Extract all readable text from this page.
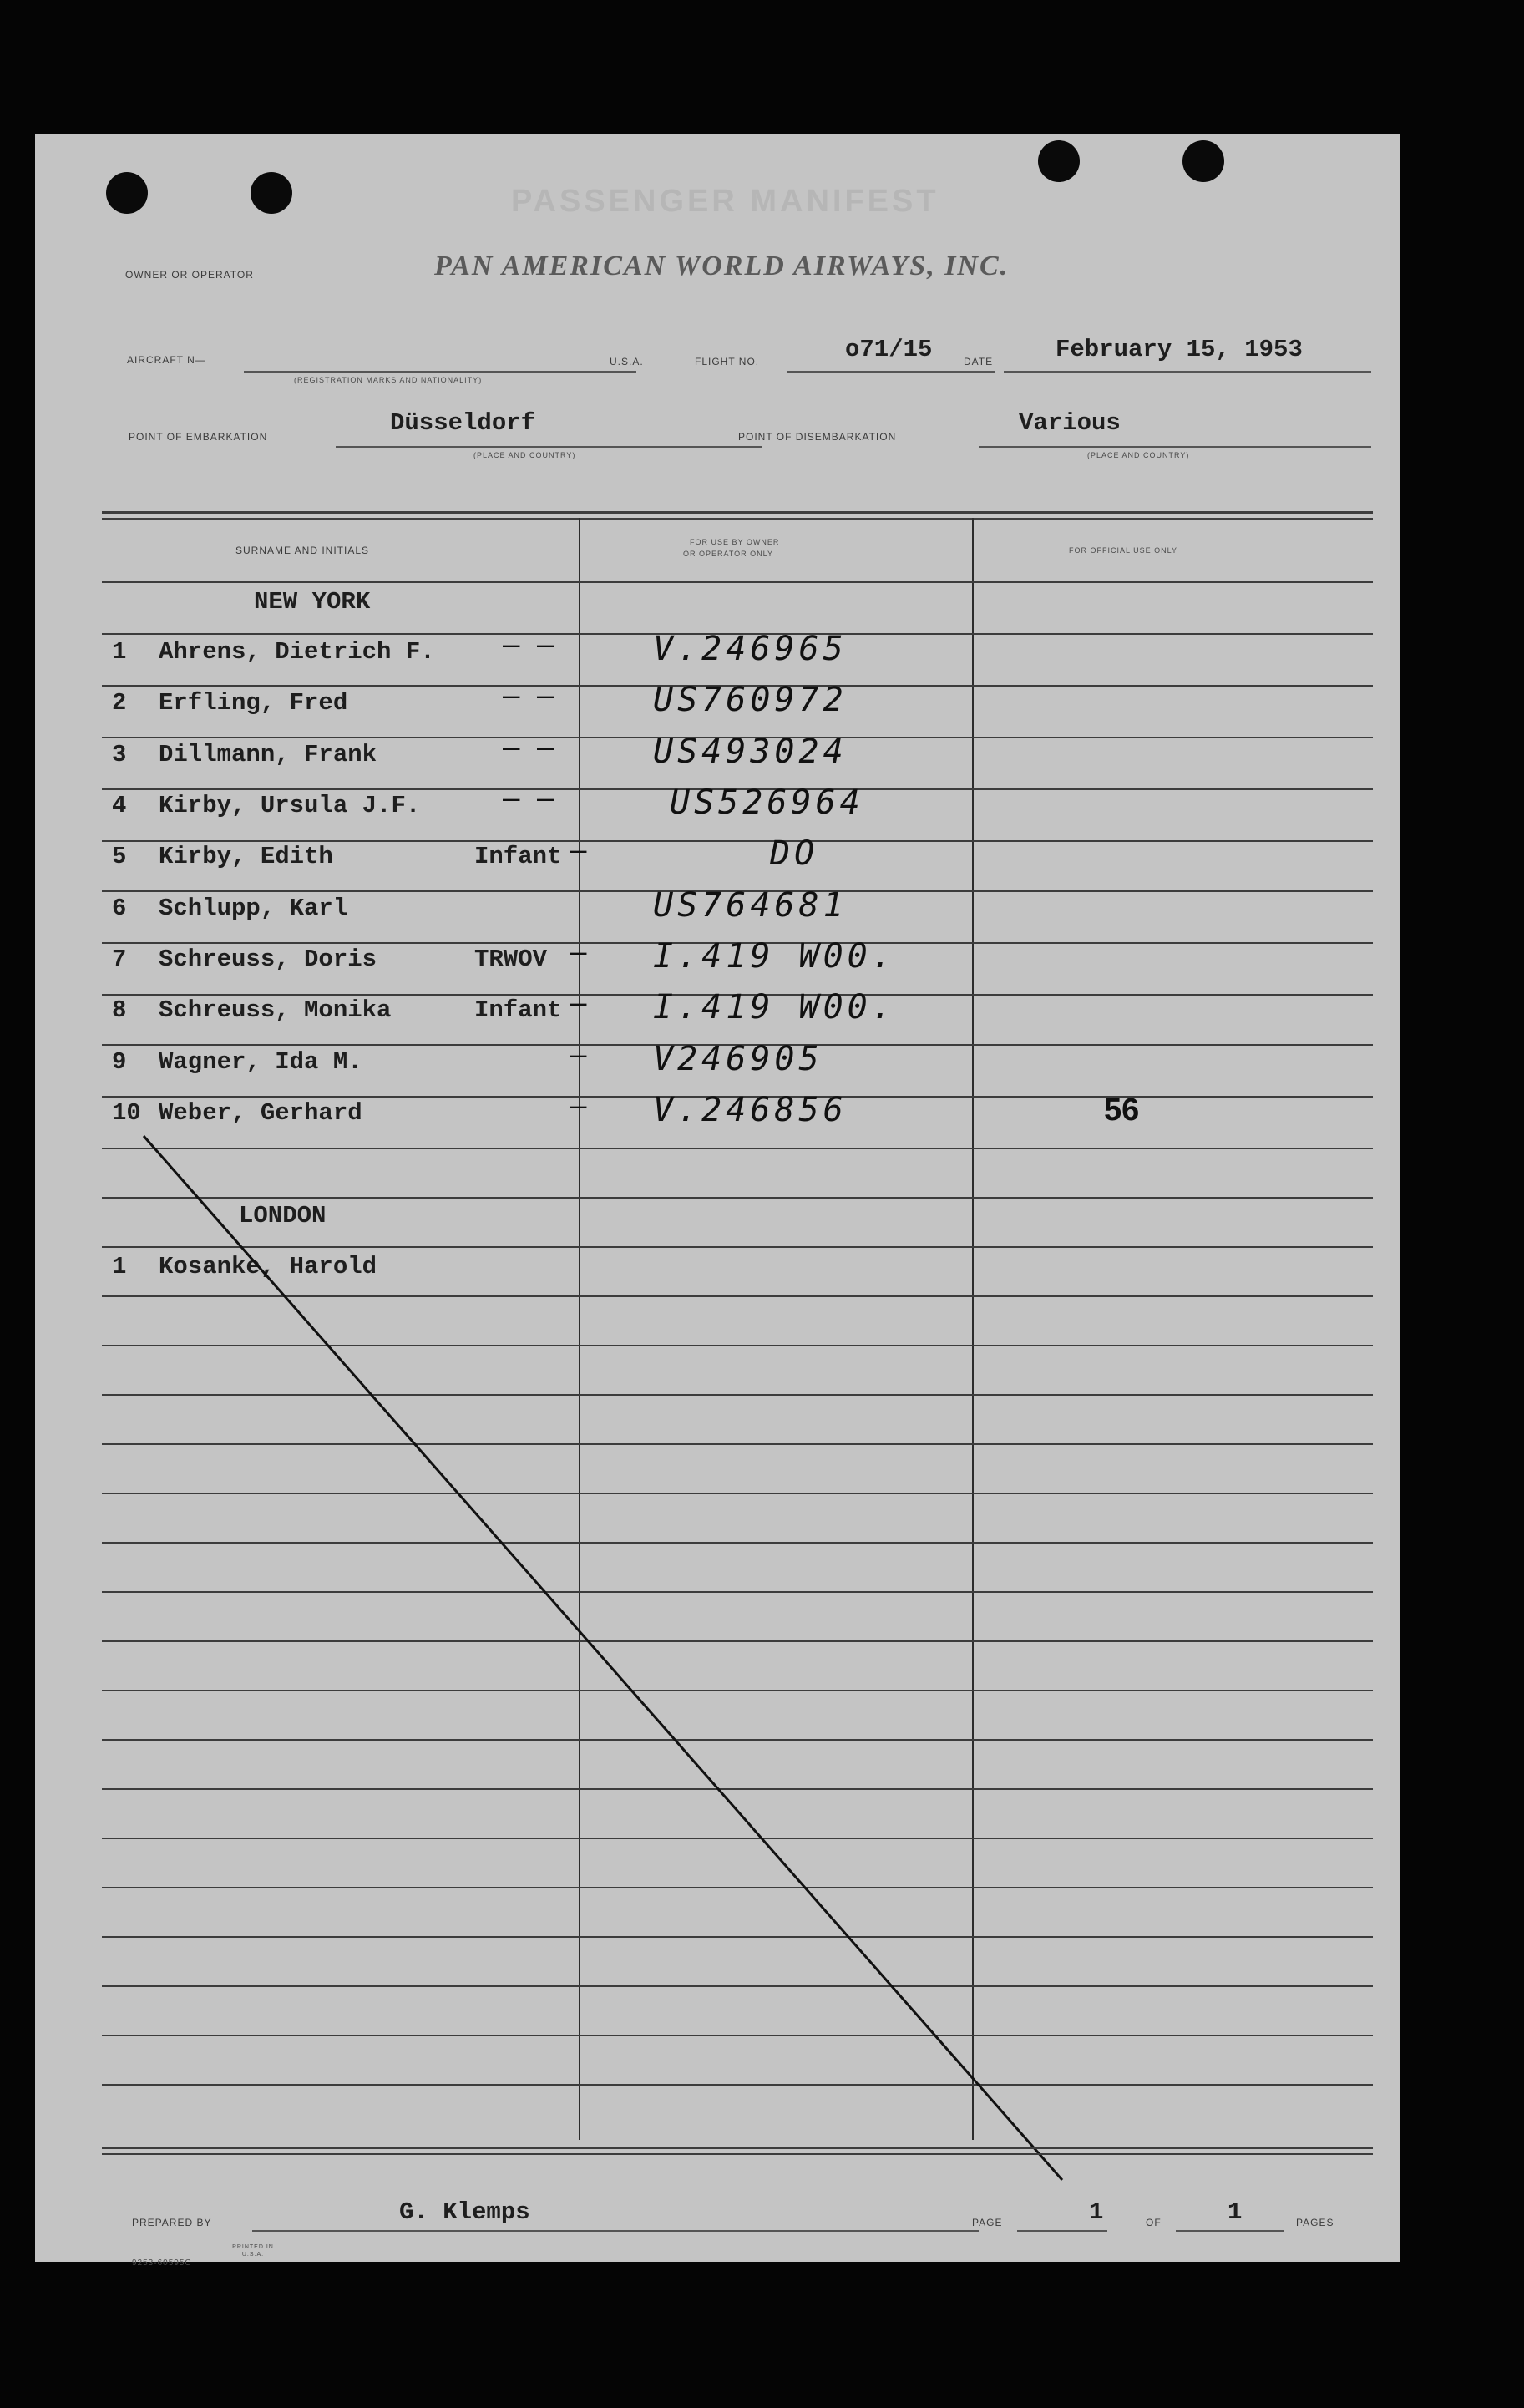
PASSENGER MANIFEST
OWNER OR OPERATOR	PAN AMERICAN WORLD AIRWAYS, INC.
AIRCRAFT N—
(REGISTRATION MARKS AND NATIONALITY)
U.S.A.	FLIGHT NO.	o71/15	DATE	February 15, 1953
POINT OF EMBARKATION	Düsseldorf
(PLACE AND COUNTRY)
POINT OF DISEMBARKATION	Various
(PLACE AND COUNTRY)
SURNAME AND INITIALS
FOR USE BY OWNER
OR OPERATOR ONLY	FOR OFFICIAL USE ONLY
NEW YORK
1	Ahrens, Dietrich F.	V.246965
2	Erfling, Fred	US760972
3	Dillmann, Frank	US493024
4	Kirby, Ursula J.F.	US526964
5	Kirby, Edith	Infant	DO
6	Schlupp, Karl	US764681
7	Schreuss, Doris	TRWOV	I.419 W00.
8	Schreuss, Monika	Infant	I.419 W00.
9	Wagner, Ida M.	V246905
10 Weber, Gerhard	V.246856	56
– –
– –
– –
– –
—
—
—
—
—
LONDON
1	Kosanke, Harold
PREPARED BY	G. Klemps	PAGE	1	OF	1	PAGES
9253-60595C
PRINTED IN U.S.A.
